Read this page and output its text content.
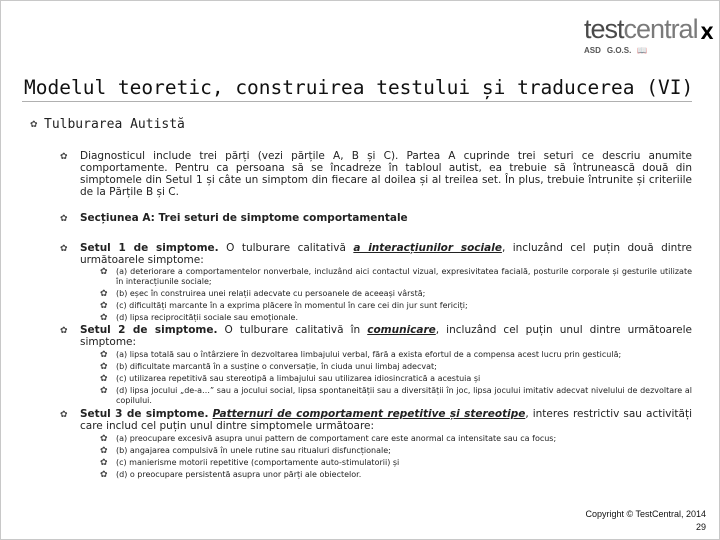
testcentral
ASD G.O.S. 📖
X
Modelul teoretic, construirea testului și traducerea (VI)
✿ Tulburarea Autistă
✿ Diagnosticul include trei părți (vezi părțile A, B și C). Partea A cuprinde trei seturi ce descriu anumite comportamente. Pentru ca persoana să se încadreze în tabloul autist, ea trebuie să întrunească două din simptomele din Setul 1 și câte un simptom din fiecare al doilea și al treilea set. În plus, trebuie întrunite și criteriile de la Părțile B și C.
✿ Secțiunea A: Trei seturi de simptome comportamentale
✿ Setul 1 de simptome. O tulburare calitativă a interacțiunilor sociale, incluzând cel puțin două dintre următoarele simptome:
✿ (a) deteriorare a comportamentelor nonverbale, incluzând aici contactul vizual, expresivitatea facială, posturile corporale și gesturile utilizate în interacțiunile sociale;
✿ (b) eșec în construirea unei relații adecvate cu persoanele de aceeași vârstă;
✿ (c) dificultăți marcante în a exprima plăcere în momentul în care cei din jur sunt fericiți;
✿ (d) lipsa reciprocității sociale sau emoționale.
✿ Setul 2 de simptome. O tulburare calitativă în comunicare, incluzând cel puțin unul dintre următoarele simptome:
✿ (a) lipsa totală sau o întârziere în dezvoltarea limbajului verbal, fără a exista efortul de a compensa acest lucru prin gesticulă;
✿ (b) dificultate marcantă în a susține o conversație, în ciuda unui limbaj adecvat;
✿ (c) utilizarea repetitivă sau stereotipă a limbajului sau utilizarea idiosincratică a acestuia și
✿ (d) lipsa jocului „de-a…” sau a jocului social, lipsa spontaneității sau a diversității în joc, lipsa jocului imitativ adecvat nivelului de dezvoltare al copilului.
✿ Setul 3 de simptome. Patternuri de comportament repetitive și stereotipe, interes restrictiv sau activități care includ cel puțin unul dintre simptomele următoare:
✿ (a) preocupare excesivă asupra unui pattern de comportament care este anormal ca intensitate sau ca focus;
✿ (b) angajarea compulsivă în unele rutine sau ritualuri disfuncționale;
✿ (c) manierisme motorii repetitive (comportamente auto-stimulatorii) și
✿ (d) o preocupare persistentă asupra unor părți ale obiectelor.
Copyright © TestCentral, 2014
29
